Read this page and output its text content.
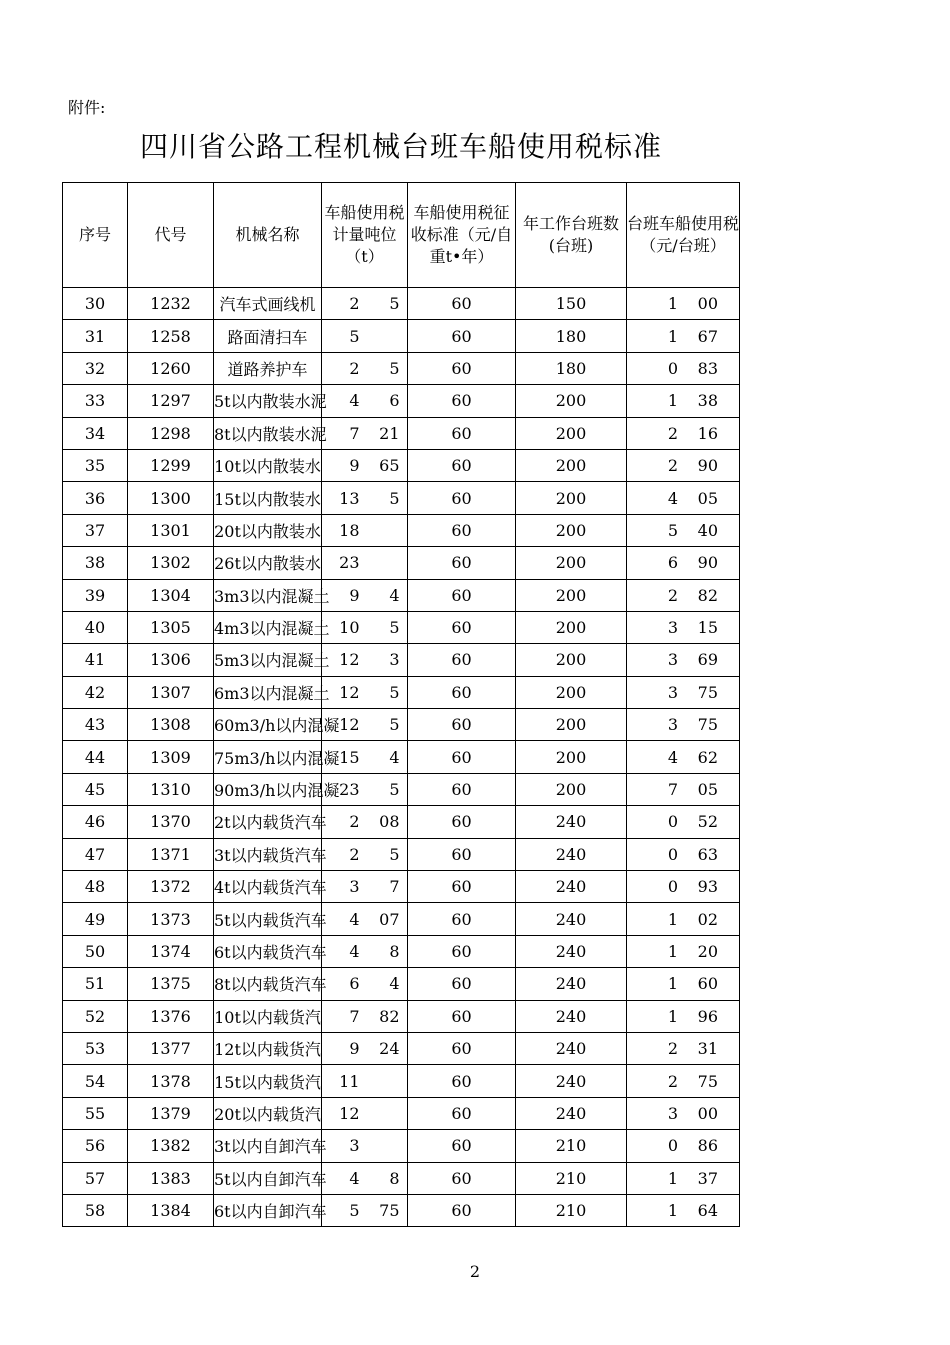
附件:
四川省公路工程机械台班车船使用税标准
序号	代号	机械名称	车船使用税计量吨位（t）	车船使用税征收标准（元/自重t•年）	年工作台班数(台班)	台班车船使用税（元/台班）
30	1232	汽车式画线机	2 5	60	150	1 00
31	1258	路面清扫车	5	60	180	1 67
32	1260	道路养护车	2 5	60	180	0 83
33	1297	5t以内散装水泥	4 6	60	200	1 38
34	1298	8t以内散装水泥	7 21	60	200	2 16
35	1299	10t以内散装水	9 65	60	200	2 90
36	1300	15t以内散装水	13 5	60	200	4 05
37	1301	20t以内散装水	18	60	200	5 40
38	1302	26t以内散装水	23	60	200	6 90
39	1304	3m3以内混凝土	9 4	60	200	2 82
40	1305	4m3以内混凝土	10 5	60	200	3 15
41	1306	5m3以内混凝土	12 3	60	200	3 69
42	1307	6m3以内混凝土	12 5	60	200	3 75
43	1308	60m3/h以内混凝	12 5	60	200	3 75
44	1309	75m3/h以内混凝	15 4	60	200	4 62
45	1310	90m3/h以内混凝	23 5	60	200	7 05
46	1370	2t以内载货汽车	2 08	60	240	0 52
47	1371	3t以内载货汽车	2 5	60	240	0 63
48	1372	4t以内载货汽车	3 7	60	240	0 93
49	1373	5t以内载货汽车	4 07	60	240	1 02
50	1374	6t以内载货汽车	4 8	60	240	1 20
51	1375	8t以内载货汽车	6 4	60	240	1 60
52	1376	10t以内载货汽	7 82	60	240	1 96
53	1377	12t以内载货汽	9 24	60	240	2 31
54	1378	15t以内载货汽	11	60	240	2 75
55	1379	20t以内载货汽	12	60	240	3 00
56	1382	3t以内自卸汽车	3	60	210	0 86
57	1383	5t以内自卸汽车	4 8	60	210	1 37
58	1384	6t以内自卸汽车	5 75	60	210	1 64
2
